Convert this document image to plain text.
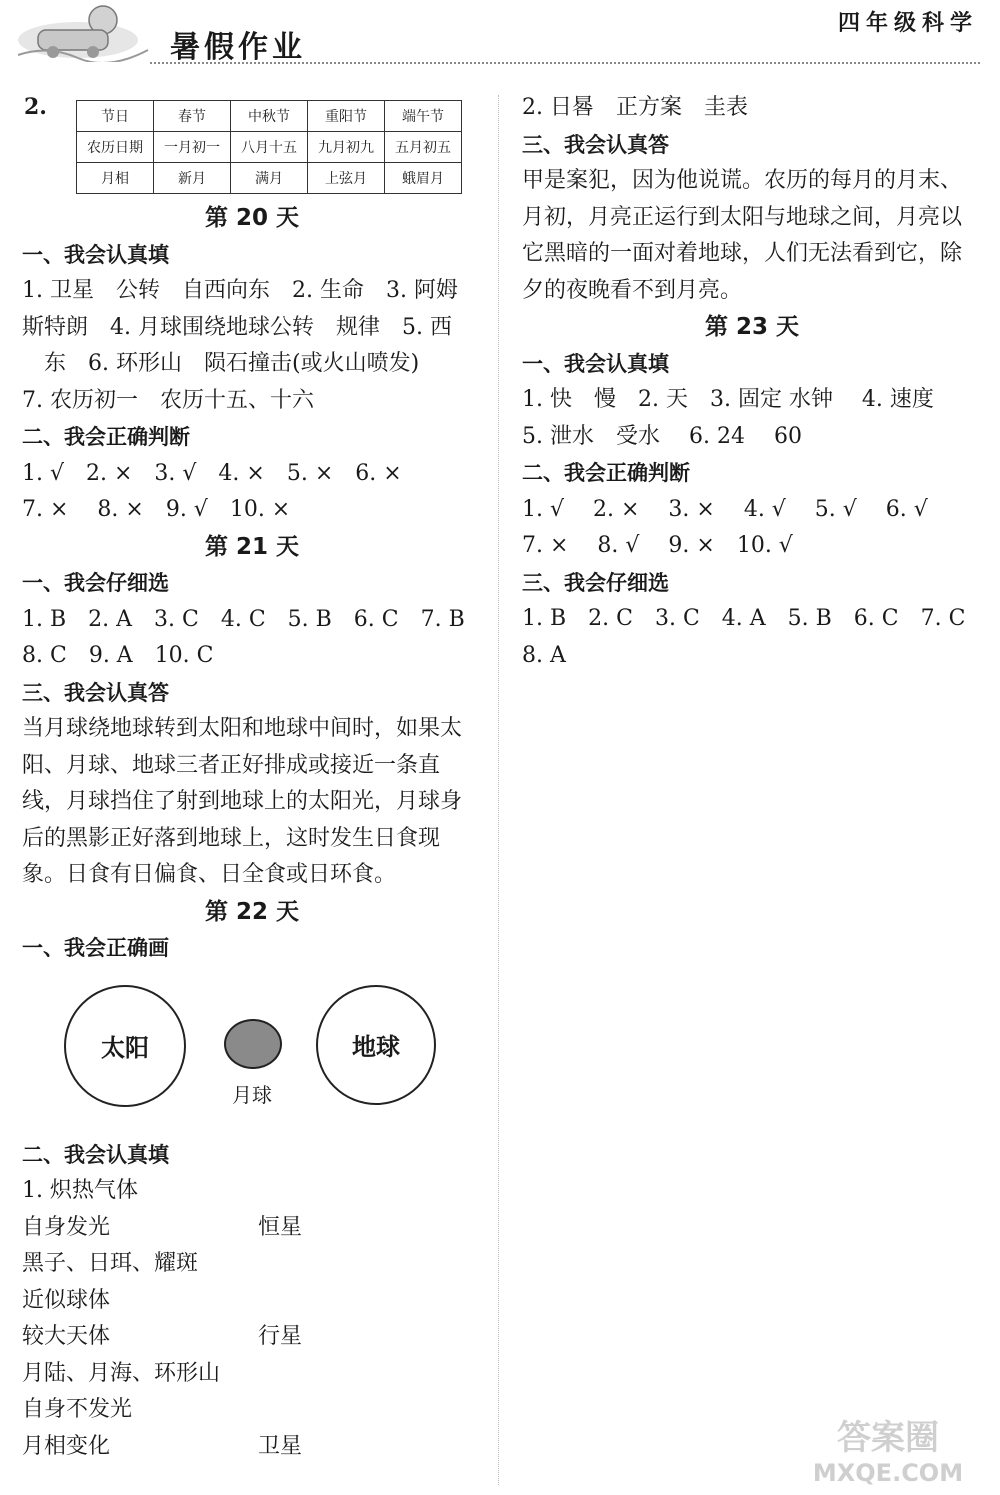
暑假作业
四年级科学
2.	节日	春节	中秋节	重阳节	端午节
农历日期	一月初一	八月十五	九月初九	五月初五
月相	新月	满月	上弦月	蛾眉月
第 20 天
一、我会认真填
1. 卫星　公转　自西向东　2. 生命　3. 阿姆
斯特朗　4. 月球围绕地球公转　规律　5. 西
　东　6. 环形山　陨石撞击(或火山喷发)
7. 农历初一　农历十五、十六
二、我会正确判断
1. √　2. ×　3. √　4. ×　5. ×　6. ×
7. ×　 8. ×　9. √　10. ×
第 21 天
一、我会仔细选
1. B　2. A　3. C　4. C　5. B　6. C　7. B
8. C　9. A　10. C
三、我会认真答
当月球绕地球转到太阳和地球中间时，如果太阳、月球、地球三者正好排成或接近一条直线，月球挡住了射到地球上的太阳光，月球身后的黑影正好落到地球上，这时发生日食现象。日食有日偏食、日全食或日环食。
第 22 天
一、我会正确画
太阳
月球
地球
二、我会认真填
1. 炽热气体
自身发光	恒星
黑子、日珥、耀斑
近似球体
较大天体	行星
月陆、月海、环形山
自身不发光
月相变化	卫星
2. 日晷　正方案　圭表
三、我会认真答
甲是案犯，因为他说谎。农历的每月的月末、月初，月亮正运行到太阳与地球之间，月亮以它黑暗的一面对着地球，人们无法看到它，除夕的夜晚看不到月亮。
第 23 天
一、我会认真填
1. 快　慢　2. 天　3. 固定 水钟　 4. 速度
5. 泄水　受水　 6. 24　 60
二、我会正确判断
1. √　 2. ×　 3. ×　 4. √　 5. √　 6. √
7. ×　 8. √　 9. ×　10. √
三、我会仔细选
1. B　2. C　3. C　4. A　5. B　6. C　7. C
8. A
答案圈
MXQE.COM
